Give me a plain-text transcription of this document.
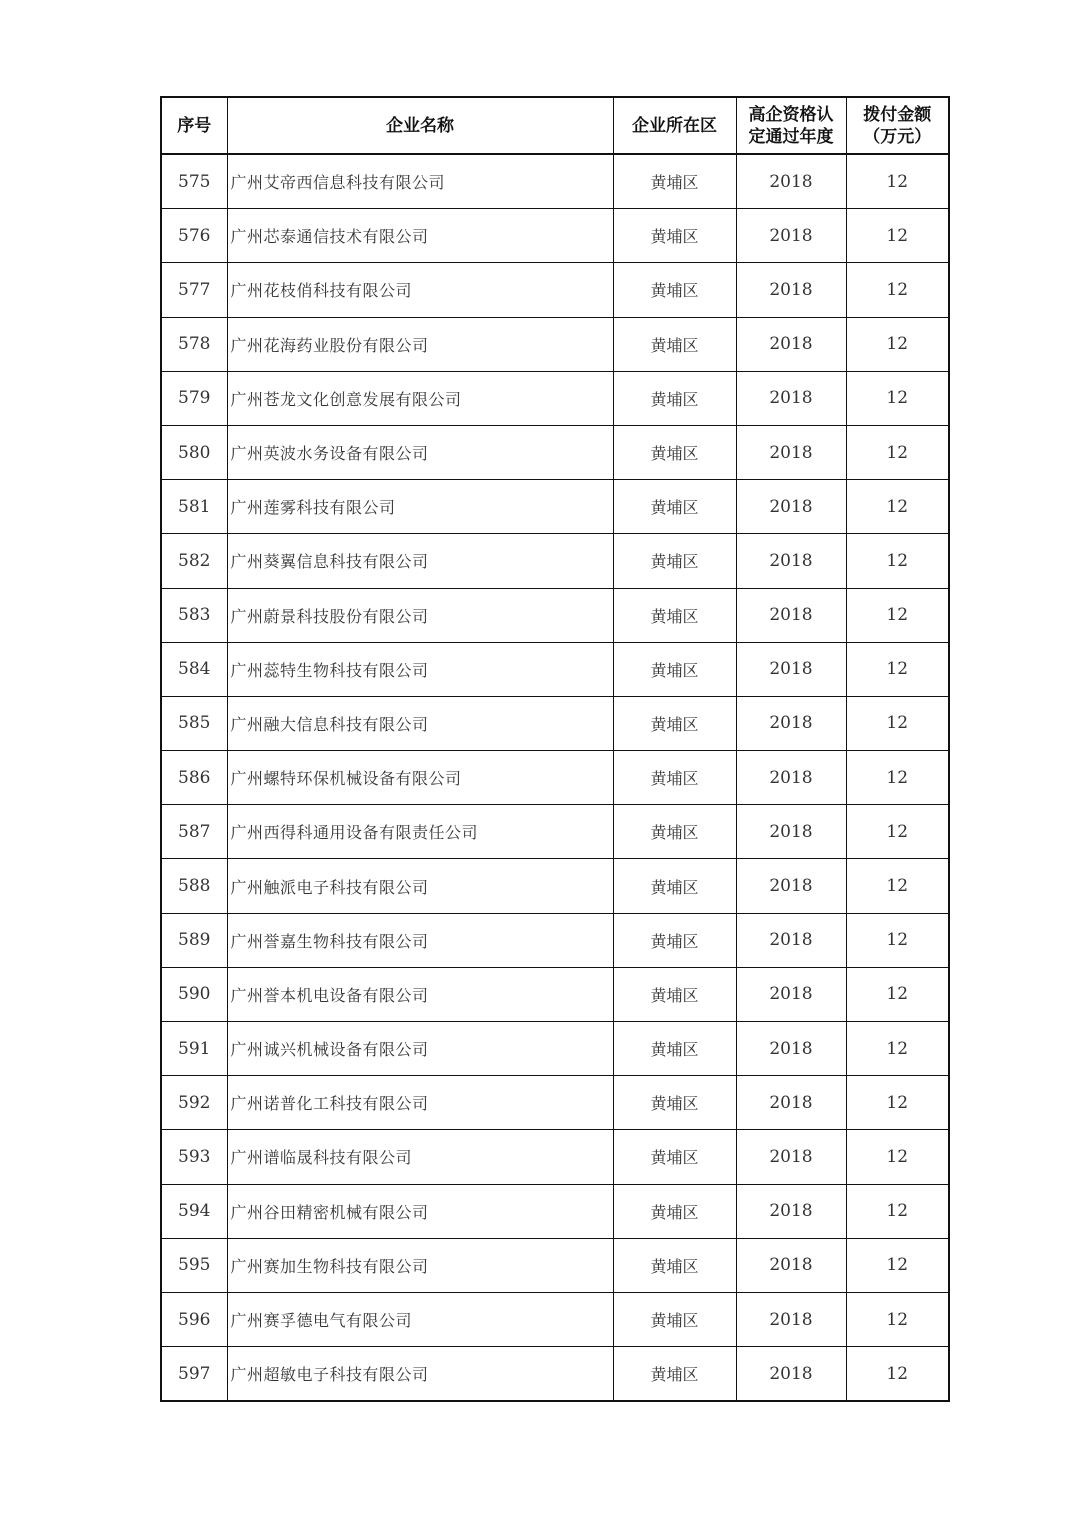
序号	企业名称	企业所在区	高企资格认定通过年度	拨付金额（万元）
575	广州艾帝西信息科技有限公司	黄埔区	2018	12
576	广州芯泰通信技术有限公司	黄埔区	2018	12
577	广州花枝俏科技有限公司	黄埔区	2018	12
578	广州花海药业股份有限公司	黄埔区	2018	12
579	广州苍龙文化创意发展有限公司	黄埔区	2018	12
580	广州英波水务设备有限公司	黄埔区	2018	12
581	广州莲雾科技有限公司	黄埔区	2018	12
582	广州葵翼信息科技有限公司	黄埔区	2018	12
583	广州蔚景科技股份有限公司	黄埔区	2018	12
584	广州蕊特生物科技有限公司	黄埔区	2018	12
585	广州融大信息科技有限公司	黄埔区	2018	12
586	广州螺特环保机械设备有限公司	黄埔区	2018	12
587	广州西得科通用设备有限责任公司	黄埔区	2018	12
588	广州触派电子科技有限公司	黄埔区	2018	12
589	广州誉嘉生物科技有限公司	黄埔区	2018	12
590	广州誉本机电设备有限公司	黄埔区	2018	12
591	广州诚兴机械设备有限公司	黄埔区	2018	12
592	广州诺普化工科技有限公司	黄埔区	2018	12
593	广州谱临晟科技有限公司	黄埔区	2018	12
594	广州谷田精密机械有限公司	黄埔区	2018	12
595	广州赛加生物科技有限公司	黄埔区	2018	12
596	广州赛孚德电气有限公司	黄埔区	2018	12
597	广州超敏电子科技有限公司	黄埔区	2018	12
